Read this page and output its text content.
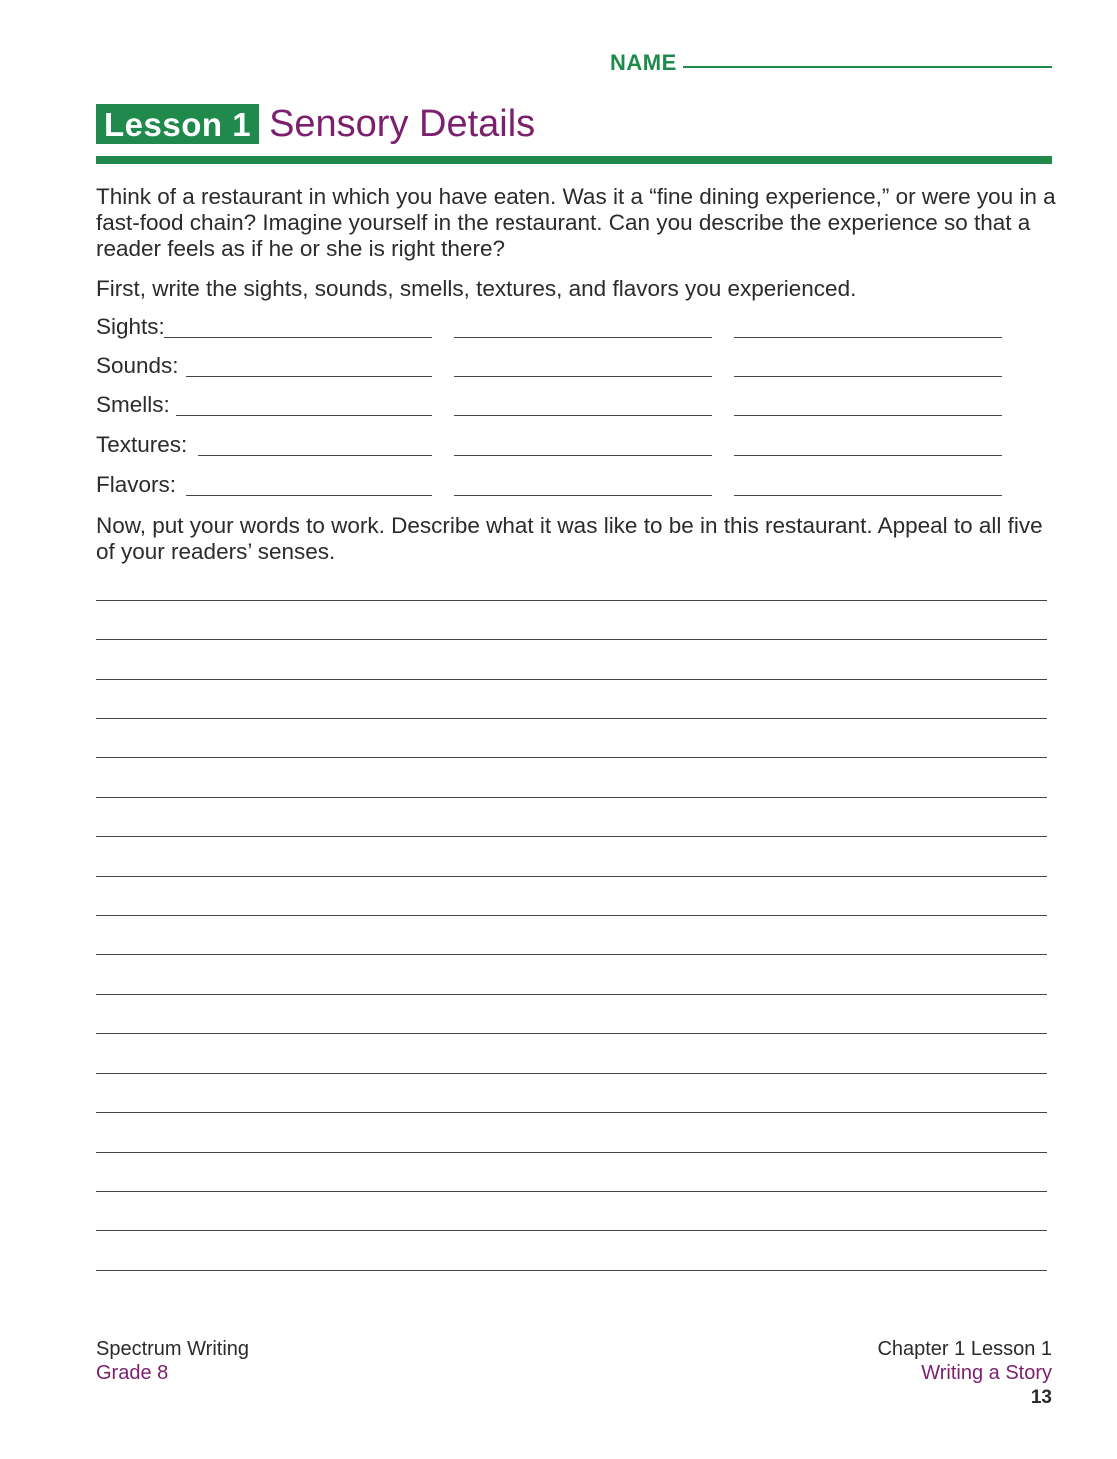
NAME
Lesson 1 Sensory Details

Think of a restaurant in which you have eaten. Was it a “fine dining experience,” or were you in a fast-food chain? Imagine yourself in the restaurant. Can you describe the experience so that a reader feels as if he or she is right there?

First, write the sights, sounds, smells, textures, and flavors you experienced.

Sights:
Sounds:
Smells:
Textures:
Flavors:

Now, put your words to work. Describe what it was like to be in this restaurant. Appeal to all five of your readers’ senses.

Spectrum Writing
Grade 8
Chapter 1 Lesson 1
Writing a Story
13
